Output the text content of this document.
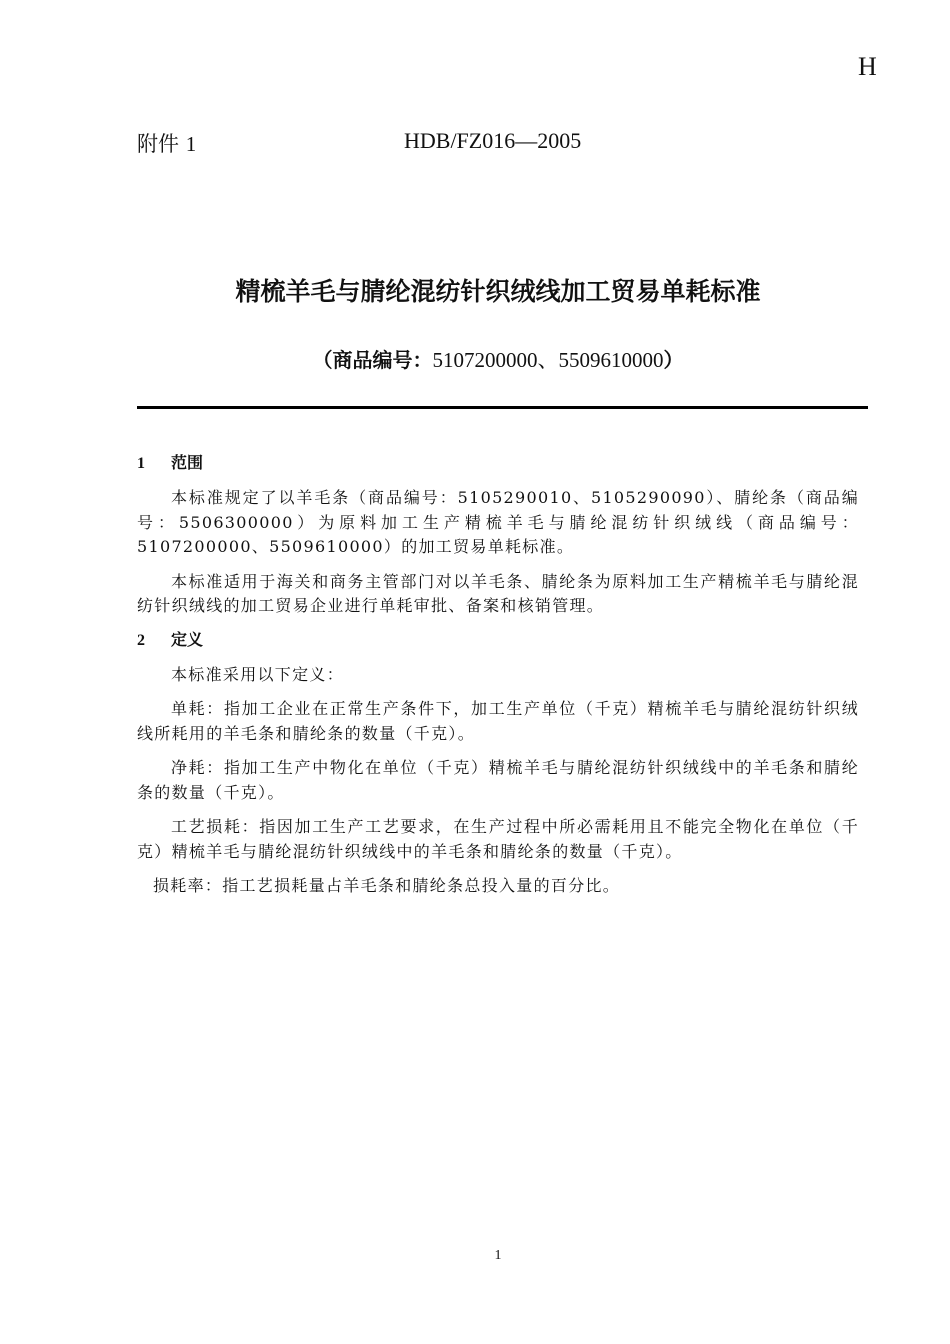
H
附件 1	HDB/FZ016—2005
精梳羊毛与腈纶混纺针织绒线加工贸易单耗标准
（商品编号：5107200000、5509610000）
1 范围

本标准规定了以羊毛条（商品编号：5105290010、5105290090）、腈纶条（商品编号：5506300000）为原料加工生产精梳羊毛与腈纶混纺针织绒线（商品编号：5107200000、5509610000）的加工贸易单耗标准。

本标准适用于海关和商务主管部门对以羊毛条、腈纶条为原料加工生产精梳羊毛与腈纶混纺针织绒线的加工贸易企业进行单耗审批、备案和核销管理。

2 定义

本标准采用以下定义：

单耗：指加工企业在正常生产条件下，加工生产单位（千克）精梳羊毛与腈纶混纺针织绒线所耗用的羊毛条和腈纶条的数量（千克）。

净耗：指加工生产中物化在单位（千克）精梳羊毛与腈纶混纺针织绒线中的羊毛条和腈纶条的数量（千克）。

工艺损耗：指因加工生产工艺要求，在生产过程中所必需耗用且不能完全物化在单位（千克）精梳羊毛与腈纶混纺针织绒线中的羊毛条和腈纶条的数量（千克）。

损耗率：指工艺损耗量占羊毛条和腈纶条总投入量的百分比。

1
